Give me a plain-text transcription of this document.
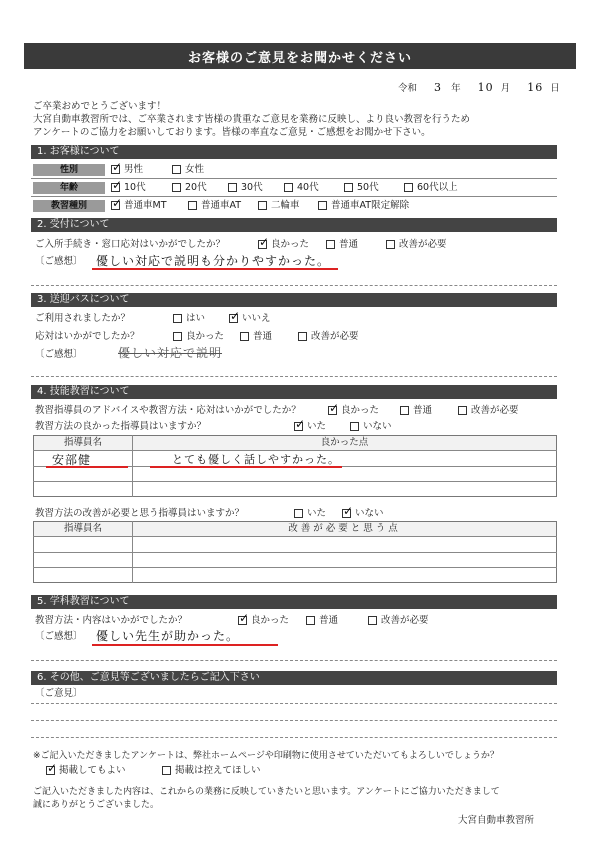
お客様のご意見をお聞かせください
令和 3 年 10 月 16 日
ご卒業おめでとうございます！
大宮自動車教習所では、ご卒業されます皆様の貴重なご意見を業務に反映し、より良い教習を行うため
アンケートのご協力をお願いしております。皆様の率直なご意見・ご感想をお聞かせ下さい。
1. お客様について
性別 ✓	男性	女性
年齢 ✓	10代	20代	30代	40代	50代	60代以上
教習種別 ✓	普通車MT	普通車AT	二輪車	普通車AT限定解除
2. 受付について
ご入所手続き・窓口応対はいかがでしたか？ ✓	良かった	普通	改善が必要
〔ご感想〕 優しい対応で説明も分かりやすかった。
3. 送迎バスについて
ご利用されましたか？	はい ✓	いいえ
応対はいかがでしたか？	良かった	普通	改善が必要
〔ご感想〕	優しい対応で説明
4. 技能教習について
教習指導員のアドバイスや教習方法・応対はいかがでしたか？ ✓	良かった	普通	改善が必要
教習方法の良かった指導員はいますか？ ✓	いた	いない
指導員名	良かった点
安部健	とても優しく話しやすかった。
教習方法の改善が必要と思う指導員はいますか？	いた ✓	いない
指導員名	改善が必要と思う点
5. 学科教習について
教習方法・内容はいかがでしたか？ ✓	良かった	普通	改善が必要
〔ご感想〕 優しい先生が助かった。
6. その他、ご意見等ございましたらご記入下さい
〔ご意見〕
※ご記入いただきましたアンケートは、弊社ホームページや印刷物に使用させていただいてもよろしいでしょうか？
✓掲載してもよい	掲載は控えてほしい
ご記入いただきました内容は、これからの業務に反映していきたいと思います。アンケートにご協力いただきまして
誠にありがとうございました。
大宮自動車教習所
